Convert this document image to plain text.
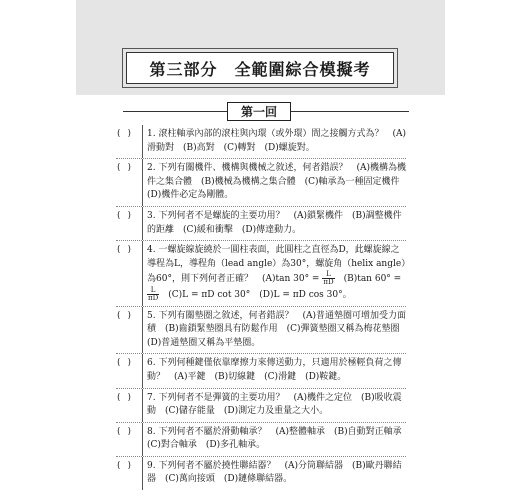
第三部分　全範圍綜合模擬考
第一回
( ) 1. 滾柱軸承內部的滾柱與內環（或外環）間之接觸方式為？　(A)滑動對　(B)高對　(C)轉對　(D)螺旋對。
( ) 2. 下列有關機件、機構與機械之敘述，何者錯誤？　(A)機構為機件之集合體　(B)機械為機構之集合體　(C)軸承為一種固定機件　(D)機件必定為剛體。
( ) 3. 下列何者不是螺旋的主要功用？　(A)鎖緊機件　(B)調整機件的距離　(C)緩和衝擊　(D)傳達動力。
( ) 4. 一螺旋線旋繞於一圓柱表面，此圓柱之直徑為D，此螺旋線之導程為L，導程角（lead angle）為30°，螺旋角（helix angle）為60°，則下列何者正確？　(A)tan $30^\circ = \frac{L}{\pi D}$ 　(B)tan 60° =
$\frac{L}{\pi D}$ 　(C)L = πD cot 30°　(D)L = πD cos 30°。
( ) 5. 下列有關墊圈之敘述，何者錯誤？　(A)普通墊圈可增加受力面積　(B)齒鎖緊墊圈具有防鬆作用　(C)彈簧墊圈又稱為梅花墊圈　(D)普通墊圈又稱為平墊圈。
( ) 6. 下列何種鍵僅依靠摩擦力來傳送動力，只適用於極輕負荷之傳動？　(A)平鍵　(B)切線鍵　(C)滑鍵　(D)鞍鍵。
( ) 7. 下列何者不是彈簧的主要功用？　(A)機件之定位　(B)吸收震動　(C)儲存能量　(D)測定力及重量之大小。
( ) 8. 下列何者不屬於滑動軸承？　(A)整體軸承　(B)自動對正軸承　(C)對合軸承　(D)多孔軸承。
( ) 9. 下列何者不屬於撓性聯結器？　(A)分筒聯結器　(B)歐丹聯結器　(C)萬向接頭　(D)鏈條聯結器。
